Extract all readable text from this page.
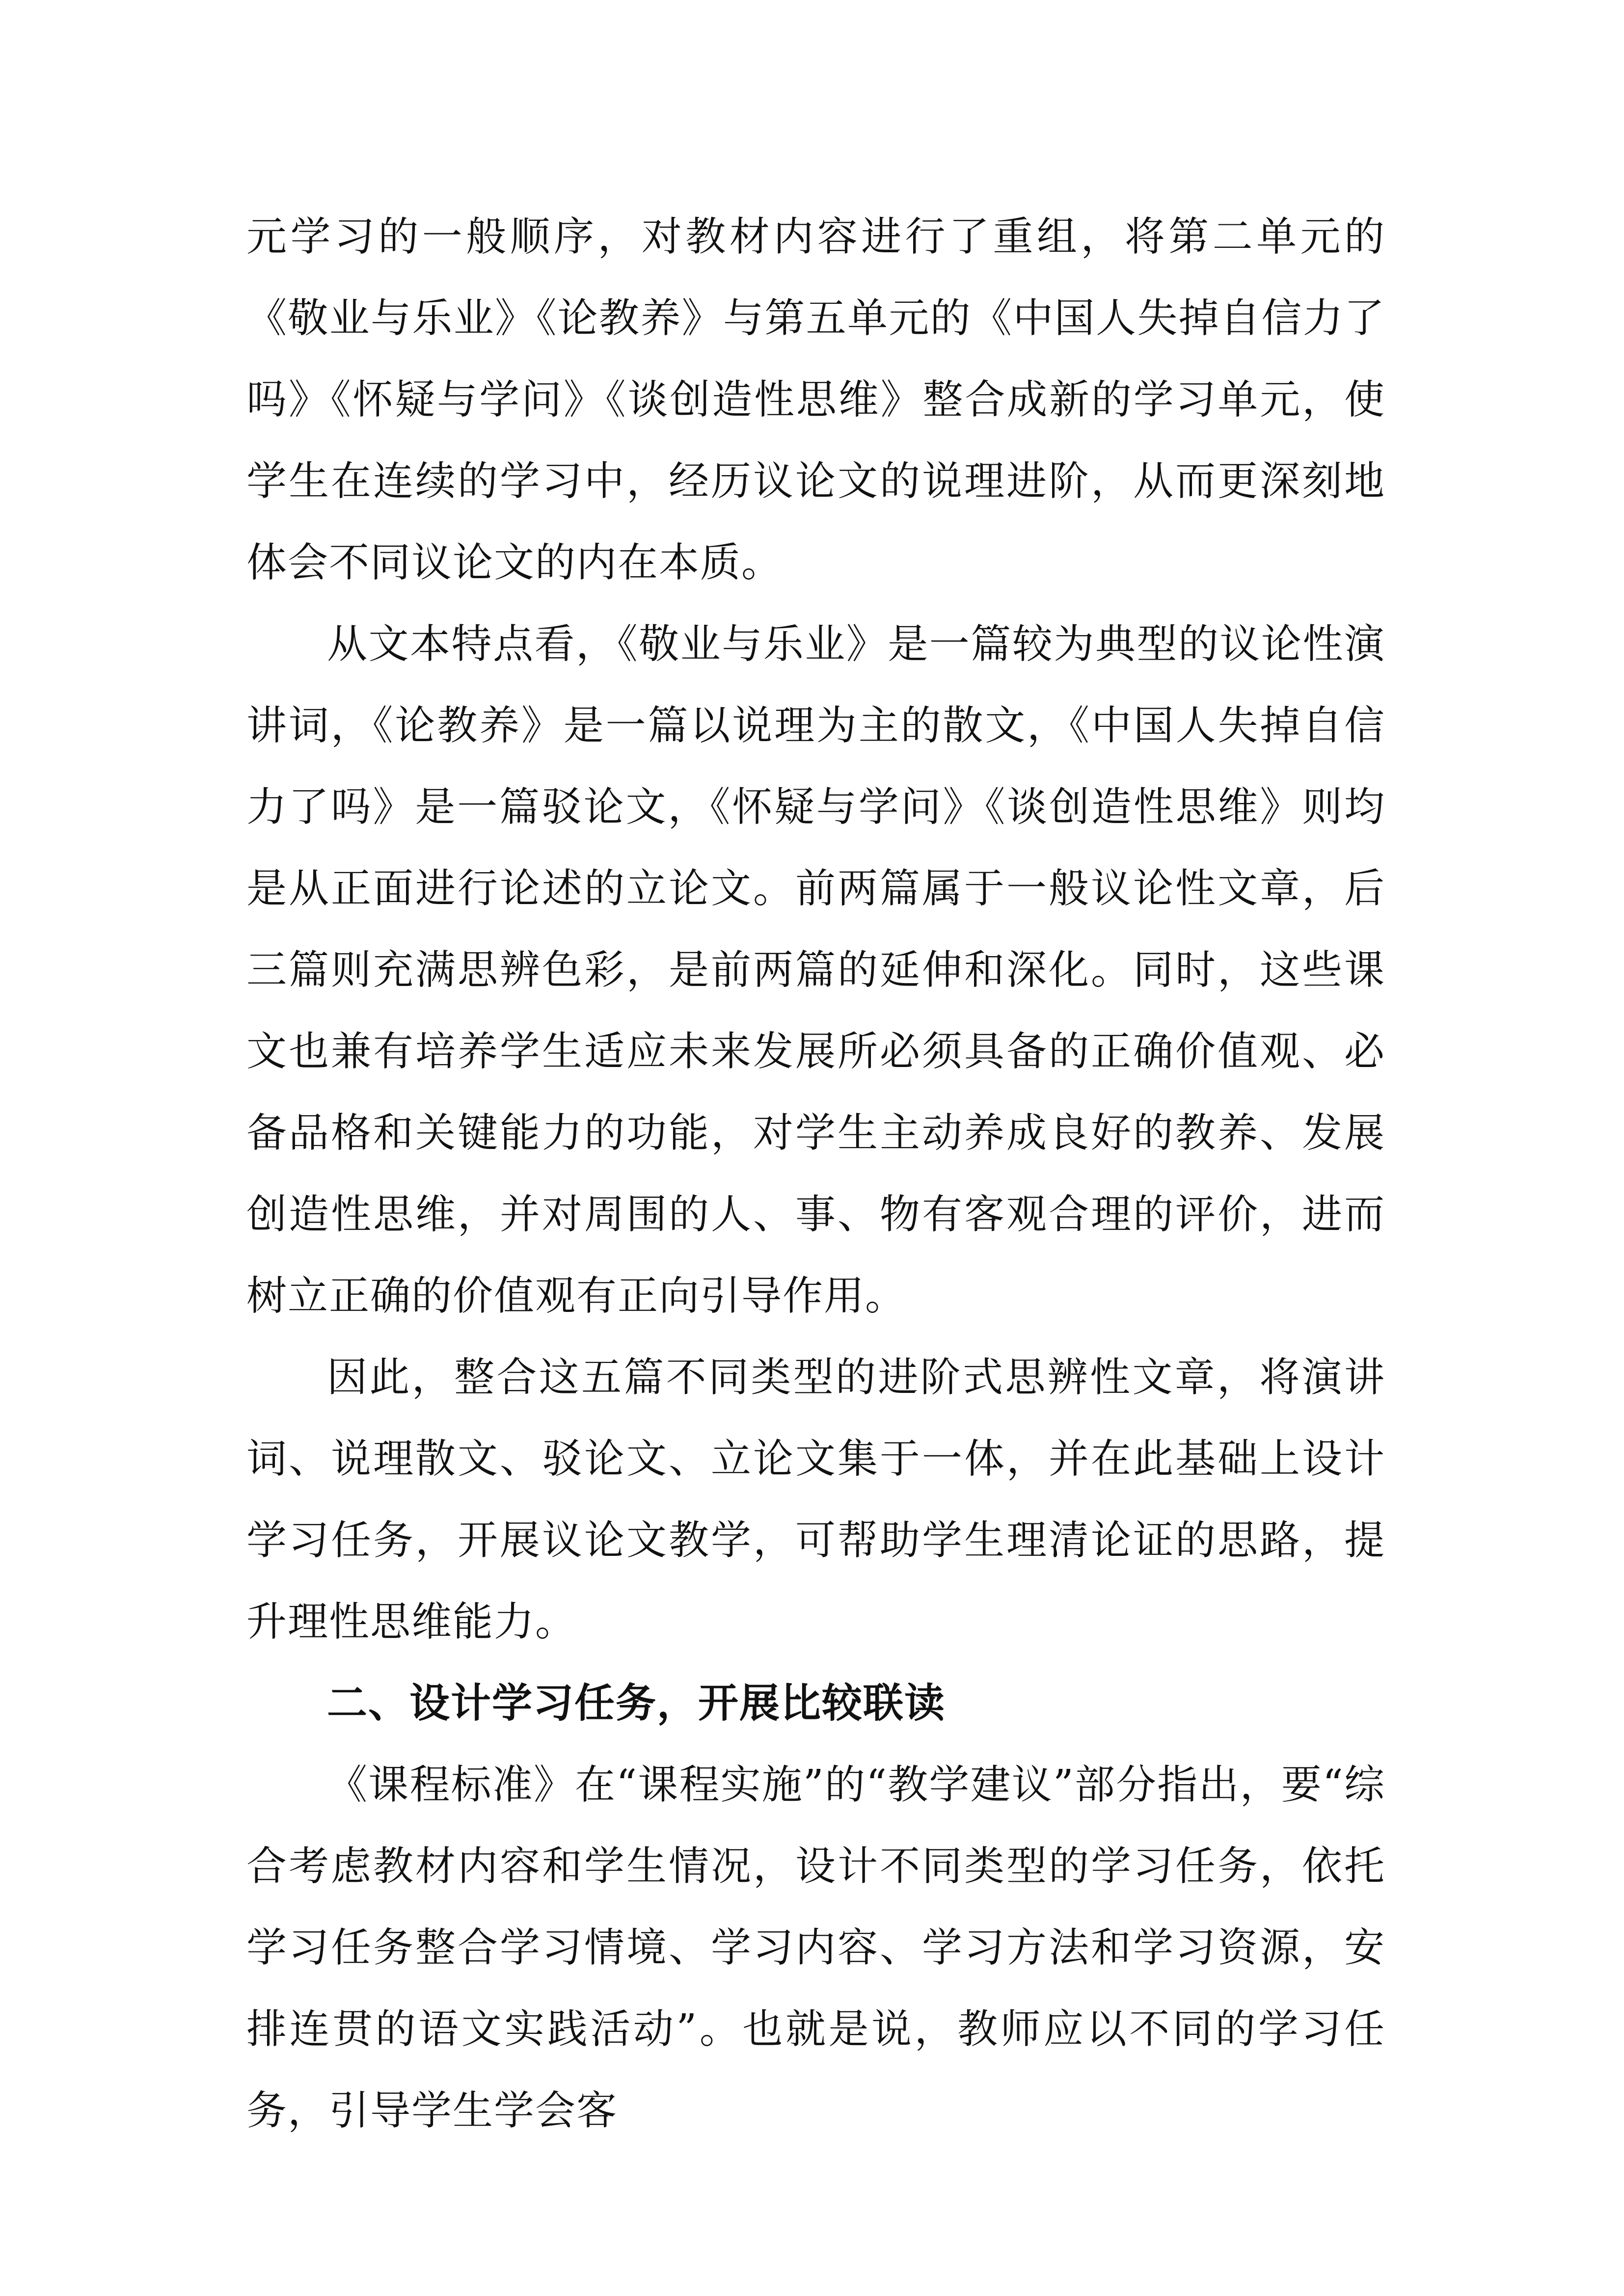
元学习的一般顺序，对教材内容进行了重组，将第二单元的《敬业与乐业》《论教养》与第五单元的《中国人失掉自信力了吗》《怀疑与学问》《谈创造性思维》整合成新的学习单元，使学生在连续的学习中，经历议论文的说理进阶，从而更深刻地体会不同议论文的内在本质。

从文本特点看，《敬业与乐业》是一篇较为典型的议论性演讲词，《论教养》是一篇以说理为主的散文，《中国人失掉自信力了吗》是一篇驳论文，《怀疑与学问》《谈创造性思维》则均是从正面进行论述的立论文。前两篇属于一般议论性文章，后三篇则充满思辨色彩，是前两篇的延伸和深化。同时，这些课文也兼有培养学生适应未来发展所必须具备的正确价值观、必备品格和关键能力的功能，对学生主动养成良好的教养、发展创造性思维，并对周围的人、事、物有客观合理的评价，进而树立正确的价值观有正向引导作用。

因此，整合这五篇不同类型的进阶式思辨性文章，将演讲词、说理散文、驳论文、立论文集于一体，并在此基础上设计学习任务，开展议论文教学，可帮助学生理清论证的思路，提升理性思维能力。

二、设计学习任务，开展比较联读

《课程标准》在“课程实施”的“教学建议”部分指出，要“综合考虑教材内容和学生情况，设计不同类型的学习任务，依托学习任务整合学习情境、学习内容、学习方法和学习资源，安排连贯的语文实践活动”。也就是说，教师应以不同的学习任务，引导学生学会客
